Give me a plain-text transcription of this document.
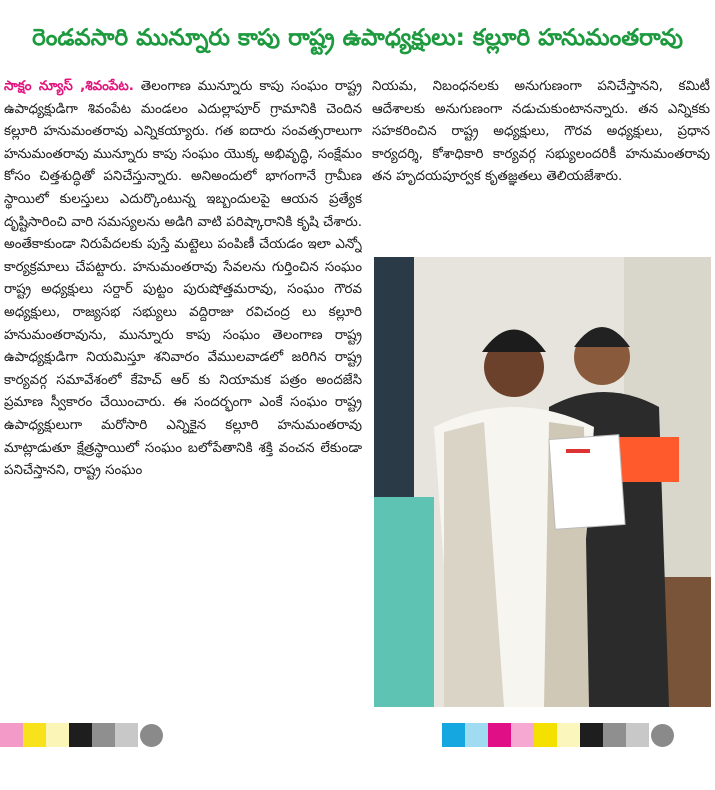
రెండవసారి మున్నూరు కాపు రాష్ట్ర ఉపాధ్యక్షులు: కల్లూరి హనుమంతరావు
సాక్షం న్యూస్ ,శివంపేట. తెలంగాణ మున్నూరు కాపు సంఘం రాష్ట్ర ఉపాధ్యక్షుడిగా శివంపేట మండలం ఎదుల్లాపూర్ గ్రామానికి చెందిన కల్లూరి హనుమంతరావు ఎన్నికయ్యారు. గత ఐదారు సంవత్సరాలుగా హనుమంతరావు మున్నూరు కాపు సంఘం యొక్క అభివృద్ధి, సంక్షేమం కోసం చిత్తశుద్ధితో పనిచేస్తున్నారు. అనిఅందులో భాగంగానే గ్రామీణ స్థాయిలో కులస్తులు ఎదుర్కొంటున్న ఇబ్బందులపై ఆయన ప్రత్యేక దృష్టిసారించి వారి సమస్యలను అడిగి వాటి పరిష్కారానికి కృషి చేశారు. అంతేకాకుండా నిరుపేదలకు పుస్తే మట్టెలు పంపిణీ చేయడం ఇలా ఎన్నో కార్యక్రమాలు చేపట్టారు. హనుమంతరావు సేవలను గుర్తించిన సంఘం రాష్ట్ర అధ్యక్షులు సర్దార్ పుట్టం పురుషోత్తమరావు, సంఘం గౌరవ అధ్యక్షులు, రాజ్యసభ సభ్యులు వద్దిరాజు రవిచంద్ర లు కల్లూరి హనుమంతరావును, మున్నూరు కాపు సంఘం తెలంగాణ రాష్ట్ర ఉపాధ్యక్షుడిగా నియమిస్తూ శనివారం వేములవాడలో జరిగిన రాష్ట్ర కార్యవర్గ సమావేశంలో కేహెచ్ ఆర్ కు నియామక పత్రం అందజేసి ప్రమాణ స్వీకారం చేయించారు. ఈ సందర్భంగా ఎంకే సంఘం రాష్ట్ర ఉపాధ్యక్షులుగా మరోసారి ఎన్నికైన కల్లూరి హనుమంతరావు మాట్లాడుతూ క్షేత్రస్థాయిలో సంఘం బలోపేతానికి శక్తి వంచన లేకుండా పనిచేస్తానని, రాష్ట్ర సంఘం
నియమ, నిబంధనలకు అనుగుణంగా పనిచేస్తానని, కమిటీ ఆదేశాలకు అనుగుణంగా నడుచుకుంటానన్నారు. తన ఎన్నికకు సహకరించిన రాష్ట్ర అధ్యక్షులు, గౌరవ అధ్యక్షులు, ప్రధాన కార్యదర్శి, కోశాధికారి కార్యవర్గ సభ్యులందరికీ హనుమంతరావు తన హృదయపూర్వక కృతజ్ఞతలు తెలియజేశారు.
